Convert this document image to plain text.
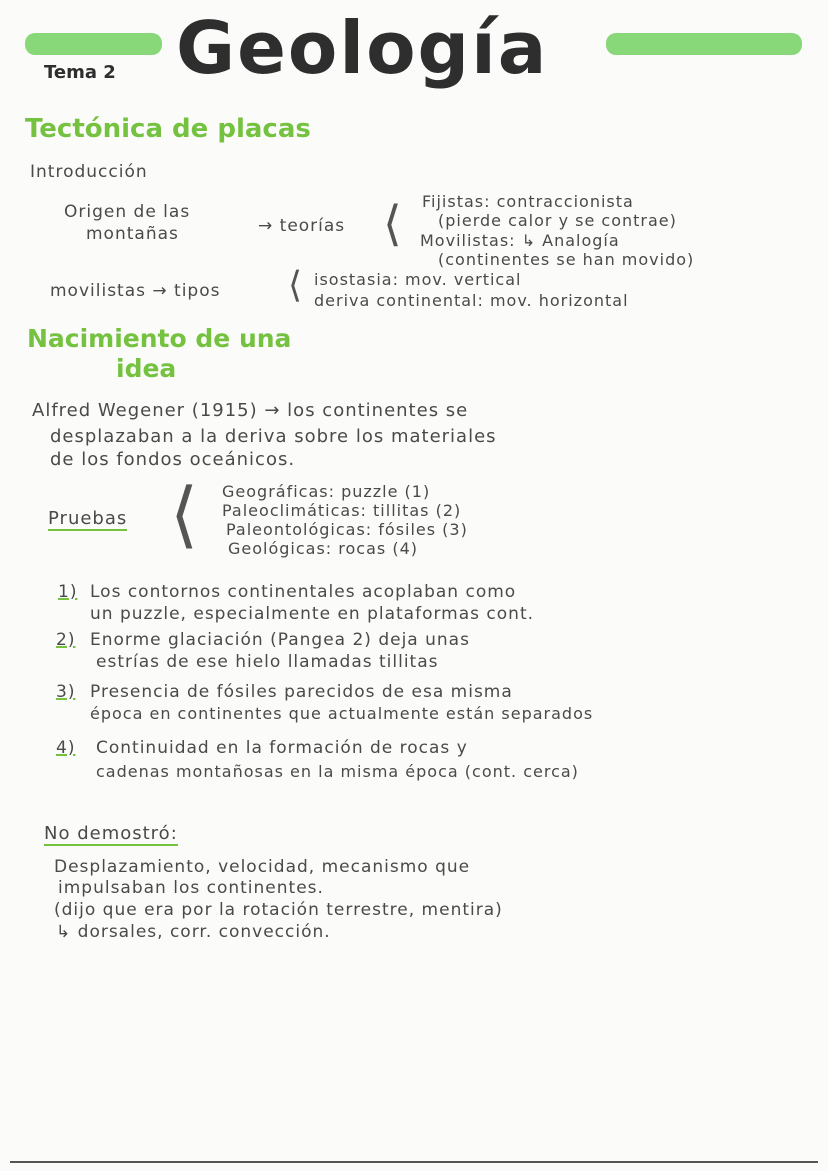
Tema 2 Geología
Tectónica de placas
Introducción
Origen de las
montañas	→ teorías ⟨ Fijistas: contraccionista
(pierde calor y se contrae)
Movilistas: ↳ Analogía
(continentes se han movido)
movilistas → tipos ⟨ isostasia: mov. vertical
deriva continental: mov. horizontal
Nacimiento de una
idea
Alfred Wegener (1915) → los continentes se
desplazaban a la deriva sobre los materiales
de los fondos oceánicos.
Pruebas ⟨ Geográficas: puzzle (1)
Paleoclimáticas: tillitas (2)
Paleontológicas: fósiles (3)
Geológicas: rocas (4)
1) Los contornos continentales acoplaban como
un puzzle, especialmente en plataformas cont.
2) Enorme glaciación (Pangea 2) deja unas
estrías de ese hielo llamadas tillitas
3) Presencia de fósiles parecidos de esa misma
época en continentes que actualmente están separados
4) Continuidad en la formación de rocas y
cadenas montañosas en la misma época (cont. cerca)
No demostró:
Desplazamiento, velocidad, mecanismo que
impulsaban los continentes.
(dijo que era por la rotación terrestre, mentira)
↳ dorsales, corr. convección.
